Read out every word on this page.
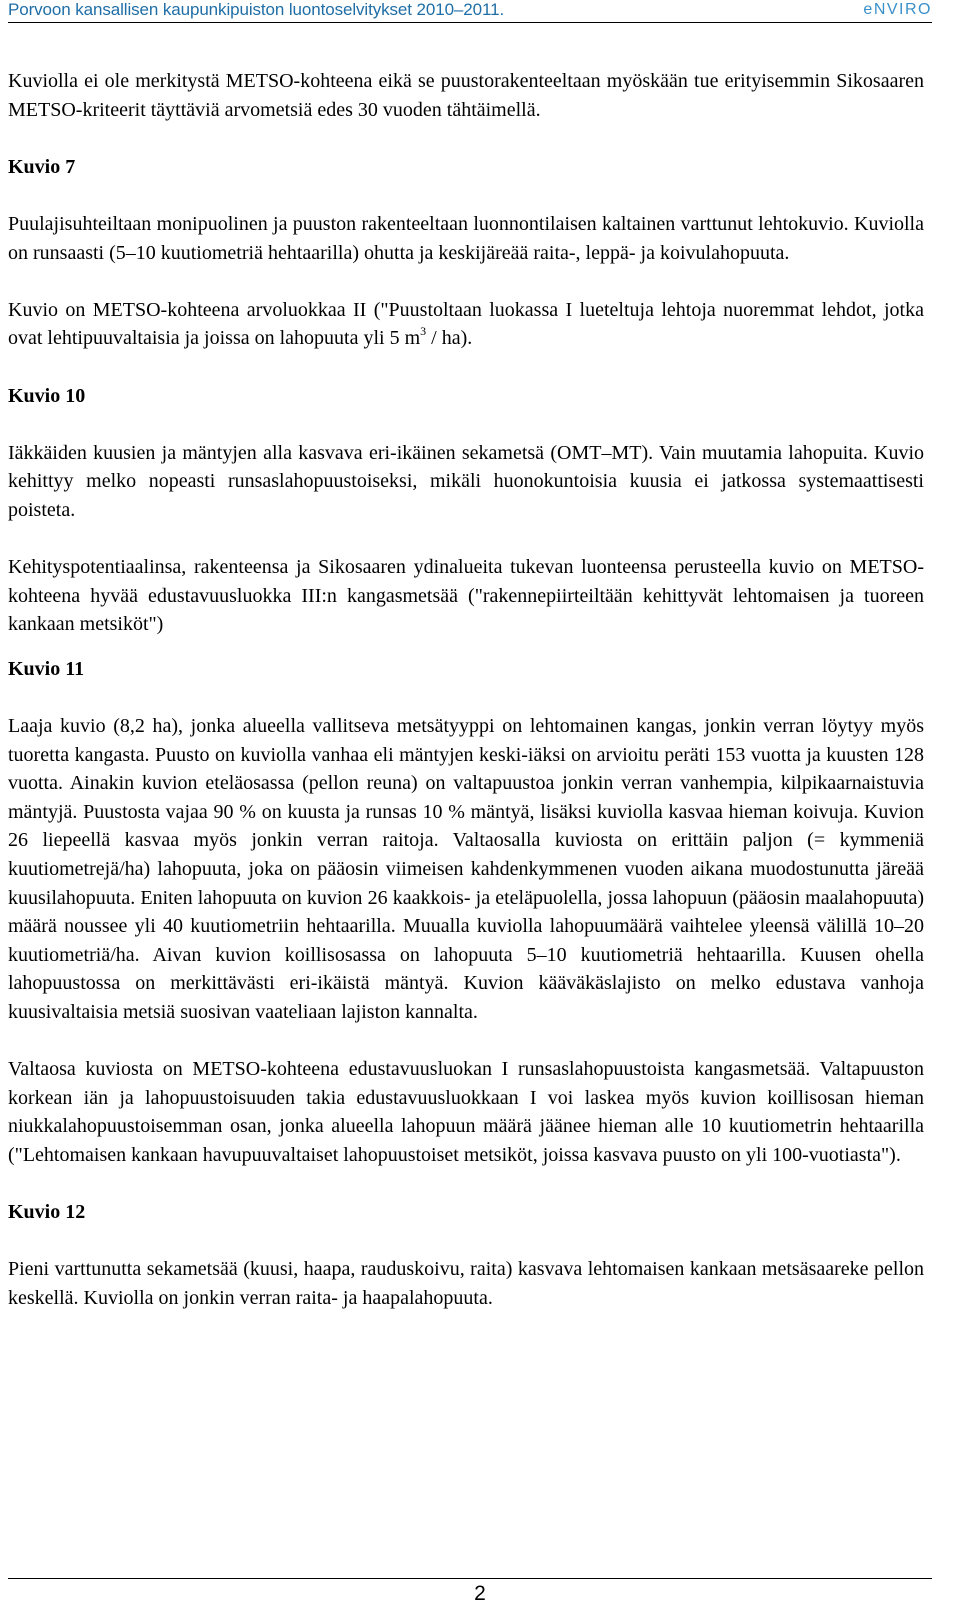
Porvoon kansallisen kaupunkipuiston luontoselvitykset 2010–2011.	eNVIRO

Kuviolla ei ole merkitystä METSO-kohteena eikä se puustorakenteeltaan myöskään tue erityisemmin Sikosaaren METSO-kriteerit täyttäviä arvometsiä edes 30 vuoden tähtäimellä.

Kuvio 7

Puulajisuhteiltaan monipuolinen ja puuston rakenteeltaan luonnontilaisen kaltainen varttunut lehtokuvio. Kuviolla on runsaasti (5–10 kuutiometriä hehtaarilla) ohutta ja keskijäreää raita-, leppä- ja koivulahopuuta.

Kuvio on METSO-kohteena arvoluokkaa II ("Puustoltaan luokassa I lueteltuja lehtoja nuoremmat lehdot, jotka ovat lehtipuuvaltaisia ja joissa on lahopuuta yli 5 $m^3 / ha$).

Kuvio 10

Iäkkäiden kuusien ja mäntyjen alla kasvava eri-ikäinen sekametsä (OMT–MT). Vain muutamia lahopuita. Kuvio kehittyy melko nopeasti runsaslahopuustoiseksi, mikäli huonokuntoisia kuusia ei jatkossa systemaattisesti poisteta.

Kehityspotentiaalinsa, rakenteensa ja Sikosaaren ydinalueita tukevan luonteensa perusteella kuvio on METSO-kohteena hyvää edustavuusluokka III:n kangasmetsää ("rakennepiirteiltään kehittyvät lehtomaisen ja tuoreen kankaan metsiköt")

Kuvio 11

Laaja kuvio (8,2 ha), jonka alueella vallitseva metsätyyppi on lehtomainen kangas, jonkin verran löytyy myös tuoretta kangasta. Puusto on kuviolla vanhaa eli mäntyjen keski-iäksi on arvioitu peräti 153 vuotta ja kuusten 128 vuotta. Ainakin kuvion eteläosassa (pellon reuna) on valtapuustoa jonkin verran vanhempia, kilpikaarnaistuvia mäntyjä. Puustosta vajaa 90 % on kuusta ja runsas 10 % mäntyä, lisäksi kuviolla kasvaa hieman koivuja. Kuvion 26 liepeellä kasvaa myös jonkin verran raitoja. Valtaosalla kuviosta on erittäin paljon (= kymmeniä kuutiometrejä/ha) lahopuuta, joka on pääosin viimeisen kahdenkymmenen vuoden aikana muodostunutta järeää kuusilahopuuta. Eniten lahopuuta on kuvion 26 kaakkois- ja eteläpuolella, jossa lahopuun (pääosin maalahopuuta) määrä noussee yli 40 kuutiometriin hehtaarilla. Muualla kuviolla lahopuumäärä vaihtelee yleensä välillä 10–20 kuutiometriä/ha. Aivan kuvion koillisosassa on lahopuuta 5–10 kuutiometriä hehtaarilla. Kuusen ohella lahopuustossa on merkittävästi eri-ikäistä mäntyä. Kuvion kääväkäslajisto on melko edustava vanhoja kuusivaltaisia metsiä suosivan vaateliaan lajiston kannalta.

Valtaosa kuviosta on METSO-kohteena edustavuusluokan I runsaslahopuustoista kangasmetsää. Valtapuuston korkean iän ja lahopuustoisuuden takia edustavuusluokkaan I voi laskea myös kuvion koillisosan hieman niukkalahopuustoisemman osan, jonka alueella lahopuun määrä jäänee hieman alle 10 kuutiometrin hehtaarilla ("Lehtomaisen kankaan havupuuvaltaiset lahopuustoiset metsiköt, joissa kasvava puusto on yli 100-vuotiasta").

Kuvio 12

Pieni varttunutta sekametsää (kuusi, haapa, rauduskoivu, raita) kasvava lehtomaisen kankaan metsäsaareke pellon keskellä. Kuviolla on jonkin verran raita- ja haapalahopuuta.

2
